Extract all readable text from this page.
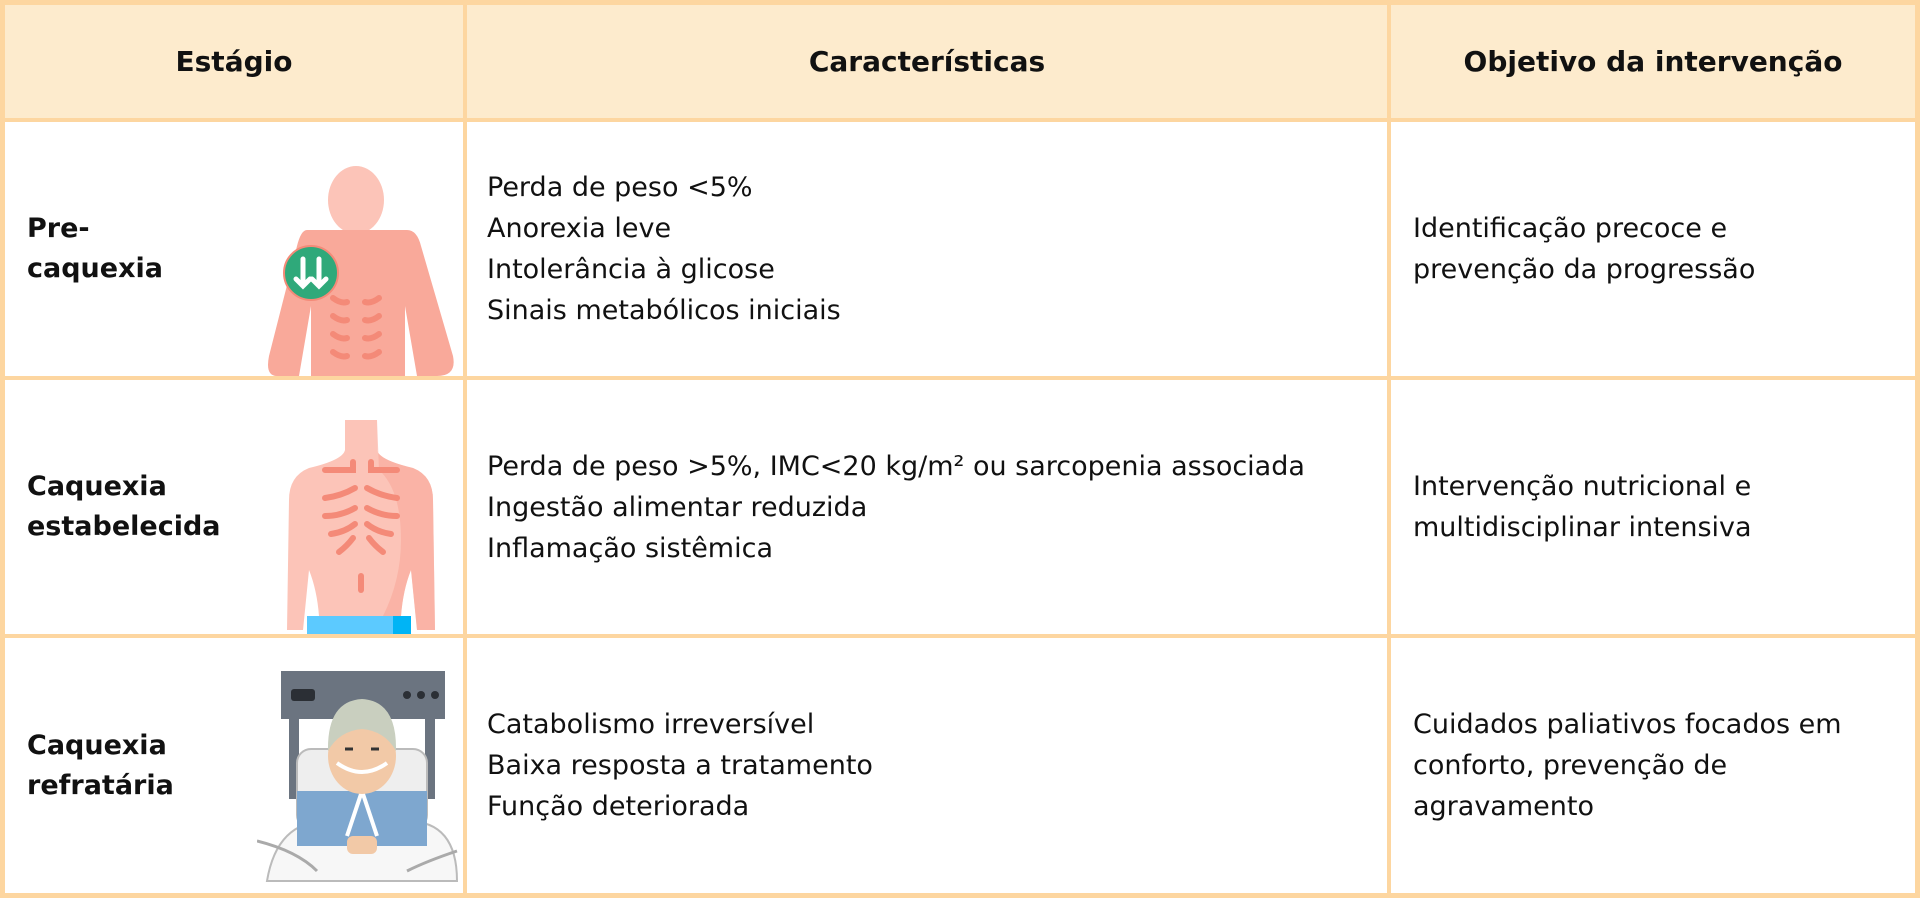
Estágio	Características	Objetivo da intervenção

Pre-caquexia	Perda de peso <5%
Anorexia leve
Intolerância à glicose
Sinais metabólicos iniciais	Identificação precoce e prevenção da progressão

Caquexia estabelecida	Perda de peso >5%, IMC<20 kg/m² ou sarcopenia associada
Ingestão alimentar reduzida
Inflamação sistêmica	Intervenção nutricional e multidisciplinar intensiva

Caquexia refratária	Catabolismo irreversível
Baixa resposta a tratamento
Função deteriorada	Cuidados paliativos focados em conforto, prevenção de agravamento
